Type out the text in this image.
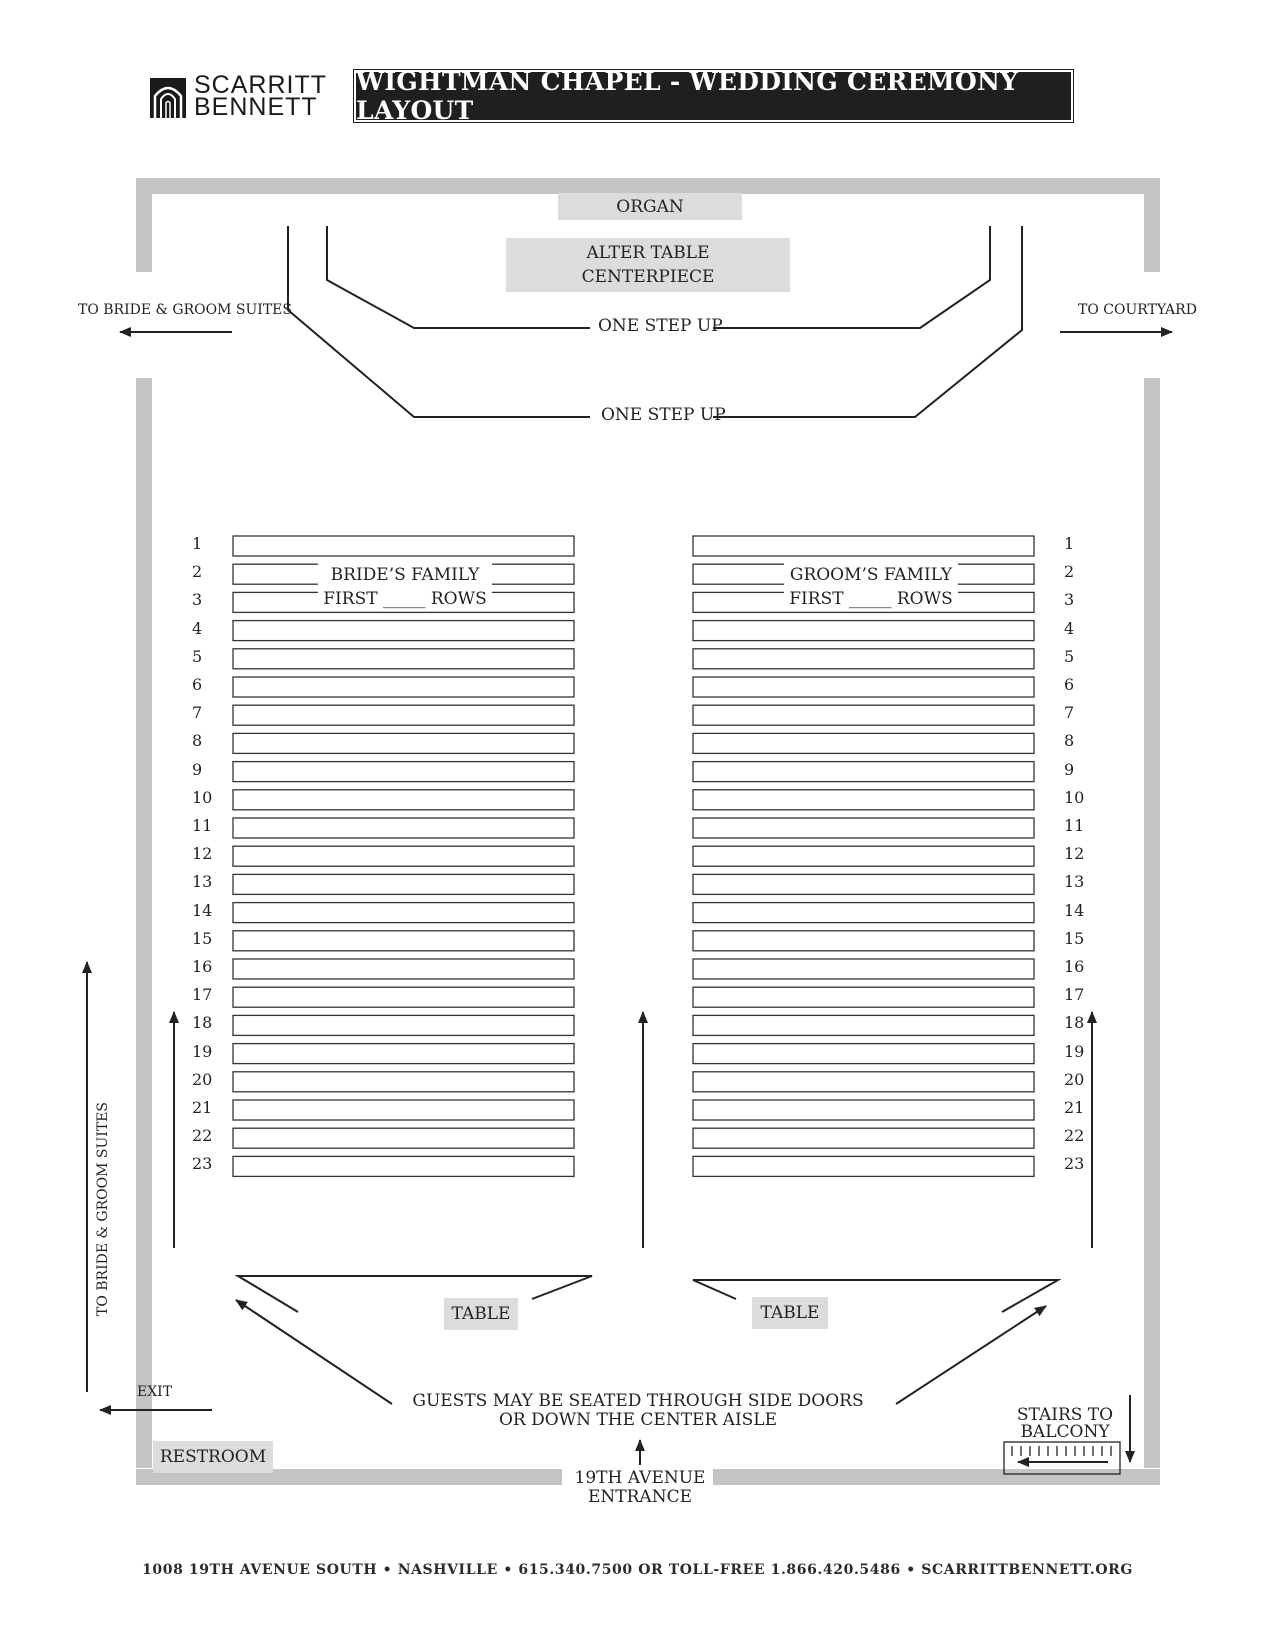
SCARRITT
BENNETT
WIGHTMAN CHAPEL - WEDDING CEREMONY LAYOUT
ORGAN
ALTER TABLE
CENTERPIECE
ONE STEP UP
ONE STEP UP
TO BRIDE & GROOM SUITES	TO COURTYARD
TO BRIDE & GROOM SUITES
EXIT
RESTROOM
STAIRS TO
BALCONY
19TH AVENUE
ENTRANCE
1	1
2	2
3	3
4	4
5	5
6	6
7	7
8	8
9	9
10	10
11	11
12	12
13	13
14	14
15	15
16	16
17	17
18	18
19	19
20	20
21	21
22	22
23	23
BRIDE’S FAMILY
FIRST _____ ROWS
GROOM’S FAMILY
FIRST _____ ROWS
TABLE	TABLE
GUESTS MAY BE SEATED THROUGH SIDE DOORS
OR DOWN THE CENTER AISLE
1008 19TH AVENUE SOUTH • NASHVILLE • 615.340.7500 OR TOLL-FREE 1.866.420.5486 • SCARRITTBENNETT.ORG
